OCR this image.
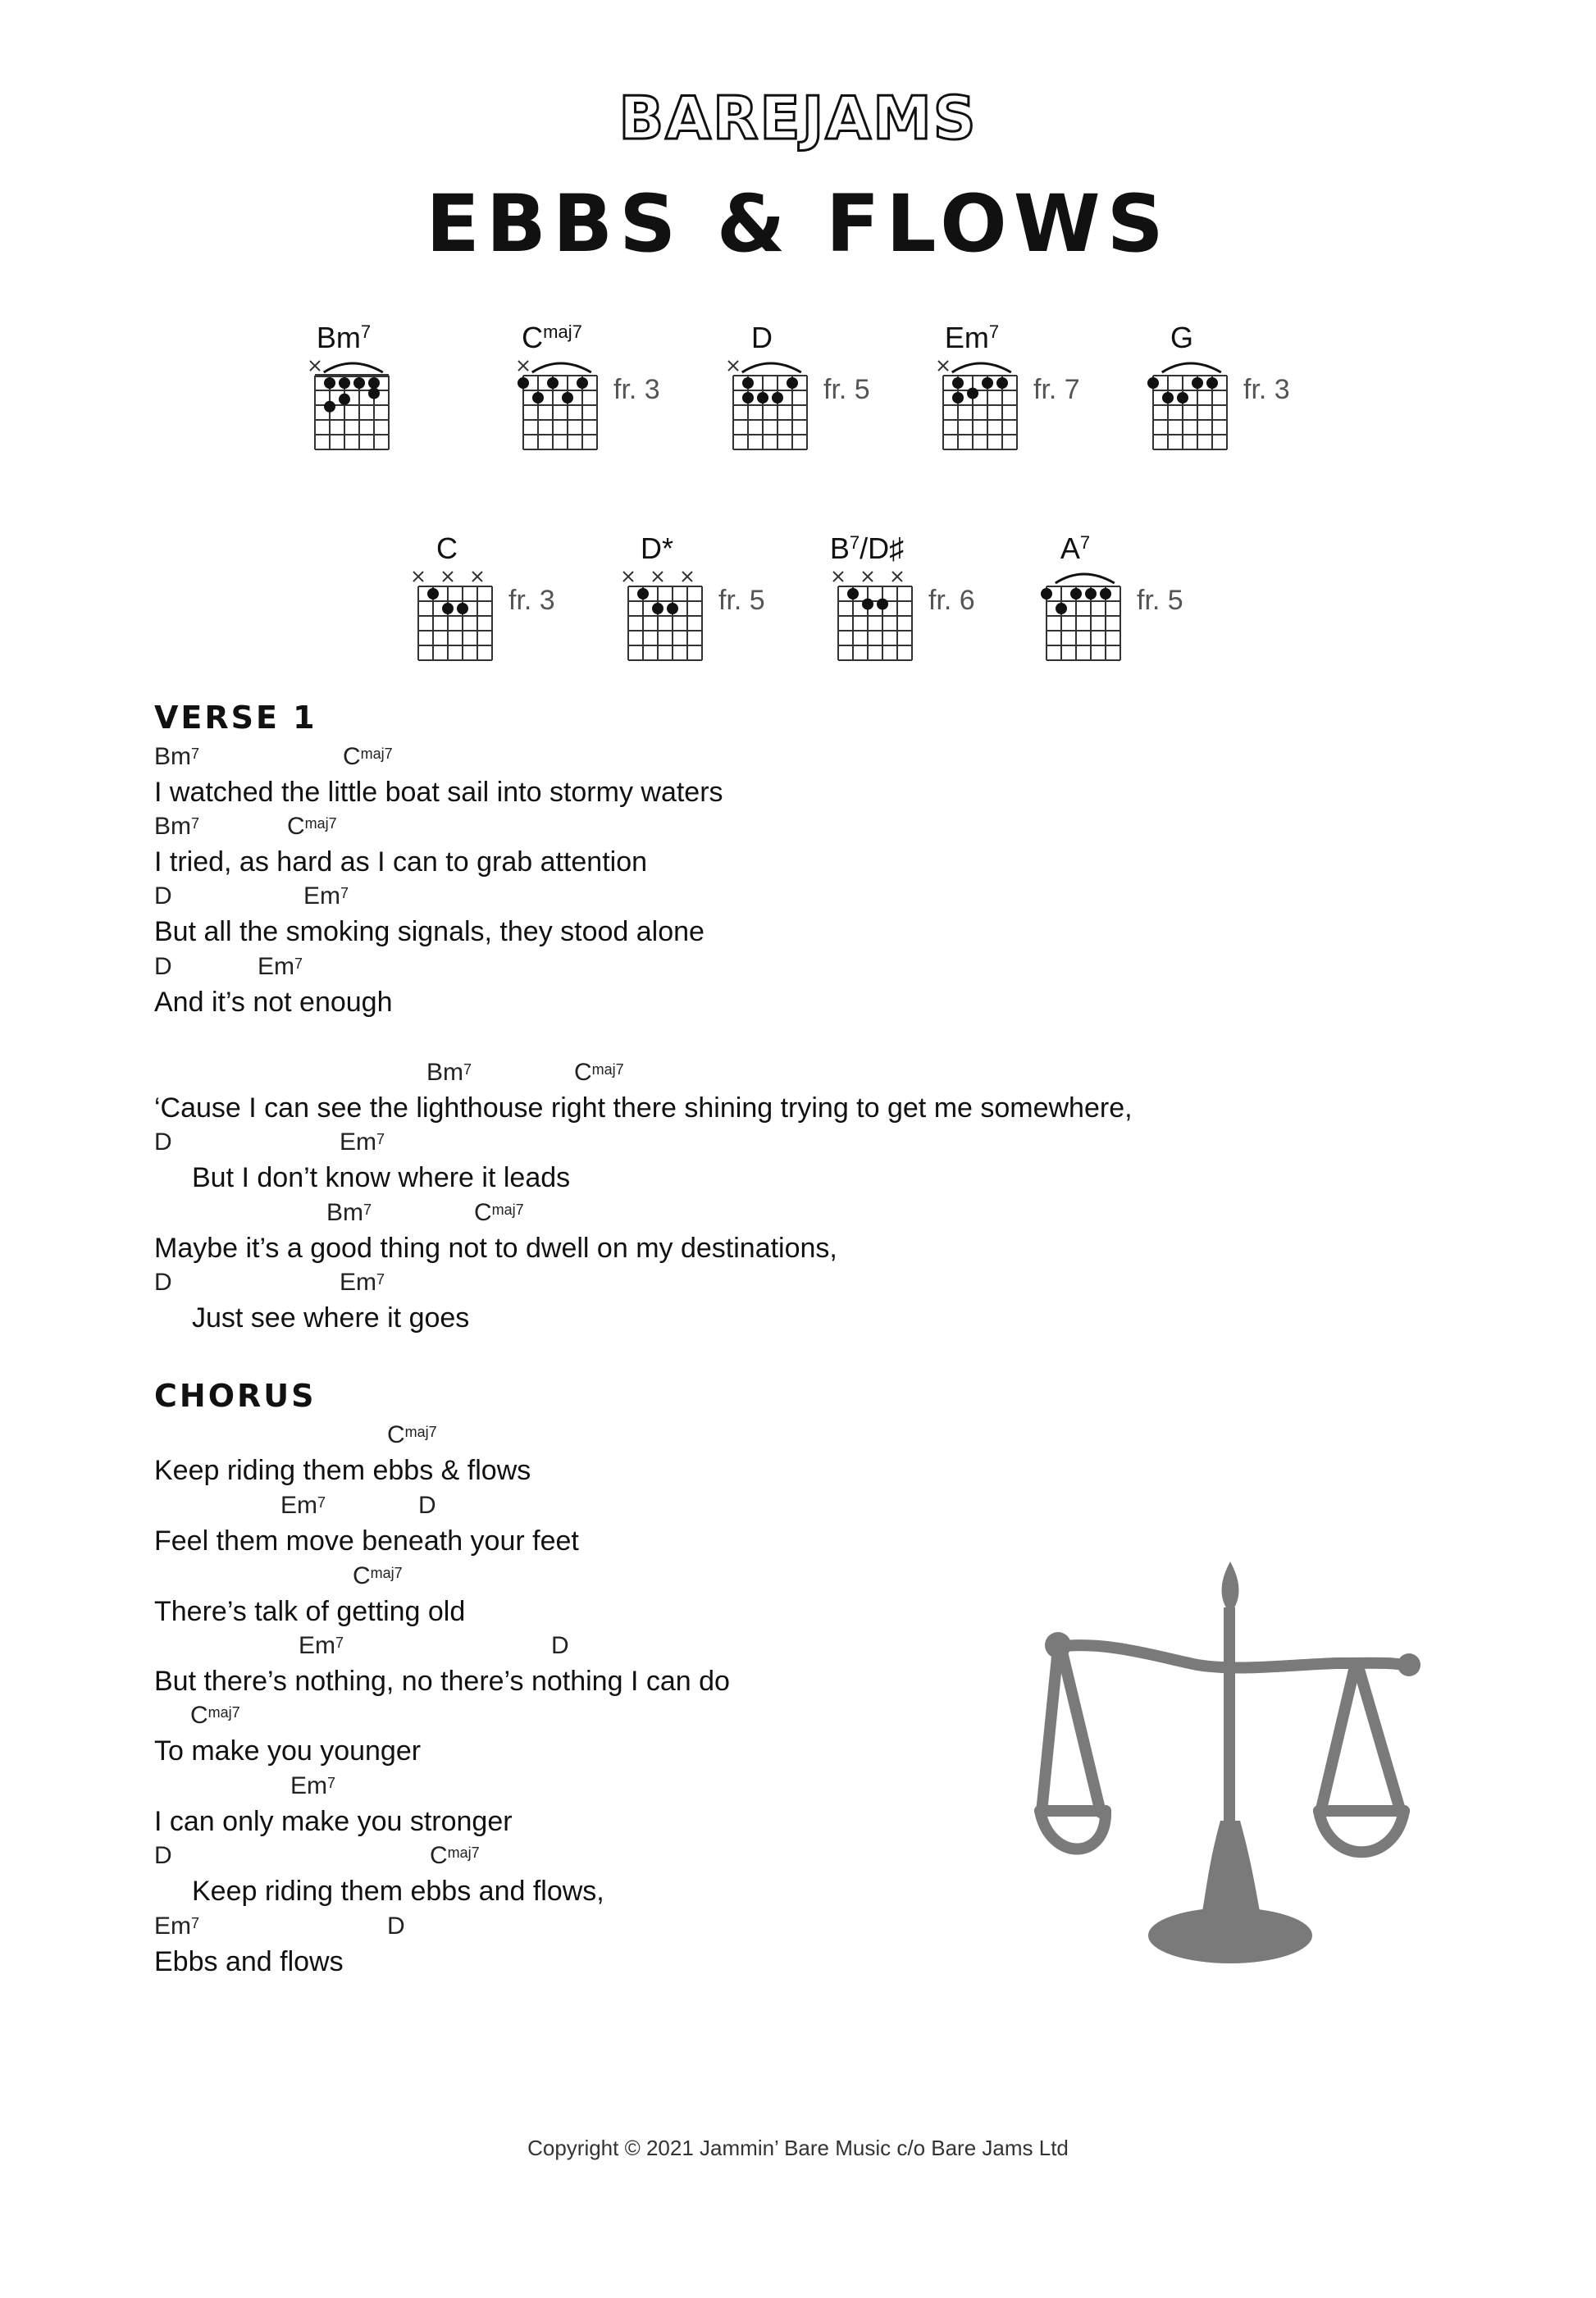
BAREJAMS
EBBS & FLOWS
Bm$^7$	$C^{maj7}$
fr. 3
D
fr. 5
Em$^7$
fr. 7
G
fr. 3
C
fr. 3
D*
fr. 5
$B^7/D♯$
fr. 6
$A^7$
fr. 5
VERSE 1
CHORUS
Bm$^7$	$C^{maj7}$
I watched the little boat sail into stormy waters
Bm$^7$	$C^{maj7}$
I tried, as hard as I can to grab attention
D	Em$^7$
But all the smoking signals, they stood alone
D	Em$^7$
And it’s not enough
Bm$^7$	$C^{maj7}$
‘Cause I can see the lighthouse right there shining trying to get me somewhere,
D	Em$^7$
But I don’t know where it leads
Bm$^7$	$C^{maj7}$
Maybe it’s a good thing not to dwell on my destinations,
D	Em$^7$
Just see where it goes
$C^{maj7}$
Keep riding them ebbs & flows
Em$^7$	D
Feel them move beneath your feet
$C^{maj7}$
There’s talk of getting old
Em$^7$	D
But there’s nothing, no there’s nothing I can do
$C^{maj7}$
To make you younger
Em$^7$
I can only make you stronger
D	$C^{maj7}$
Keep riding them ebbs and flows,
Em$^7$	D
Ebbs and flows
Copyright © 2021 Jammin’ Bare Music c/o Bare Jams Ltd
